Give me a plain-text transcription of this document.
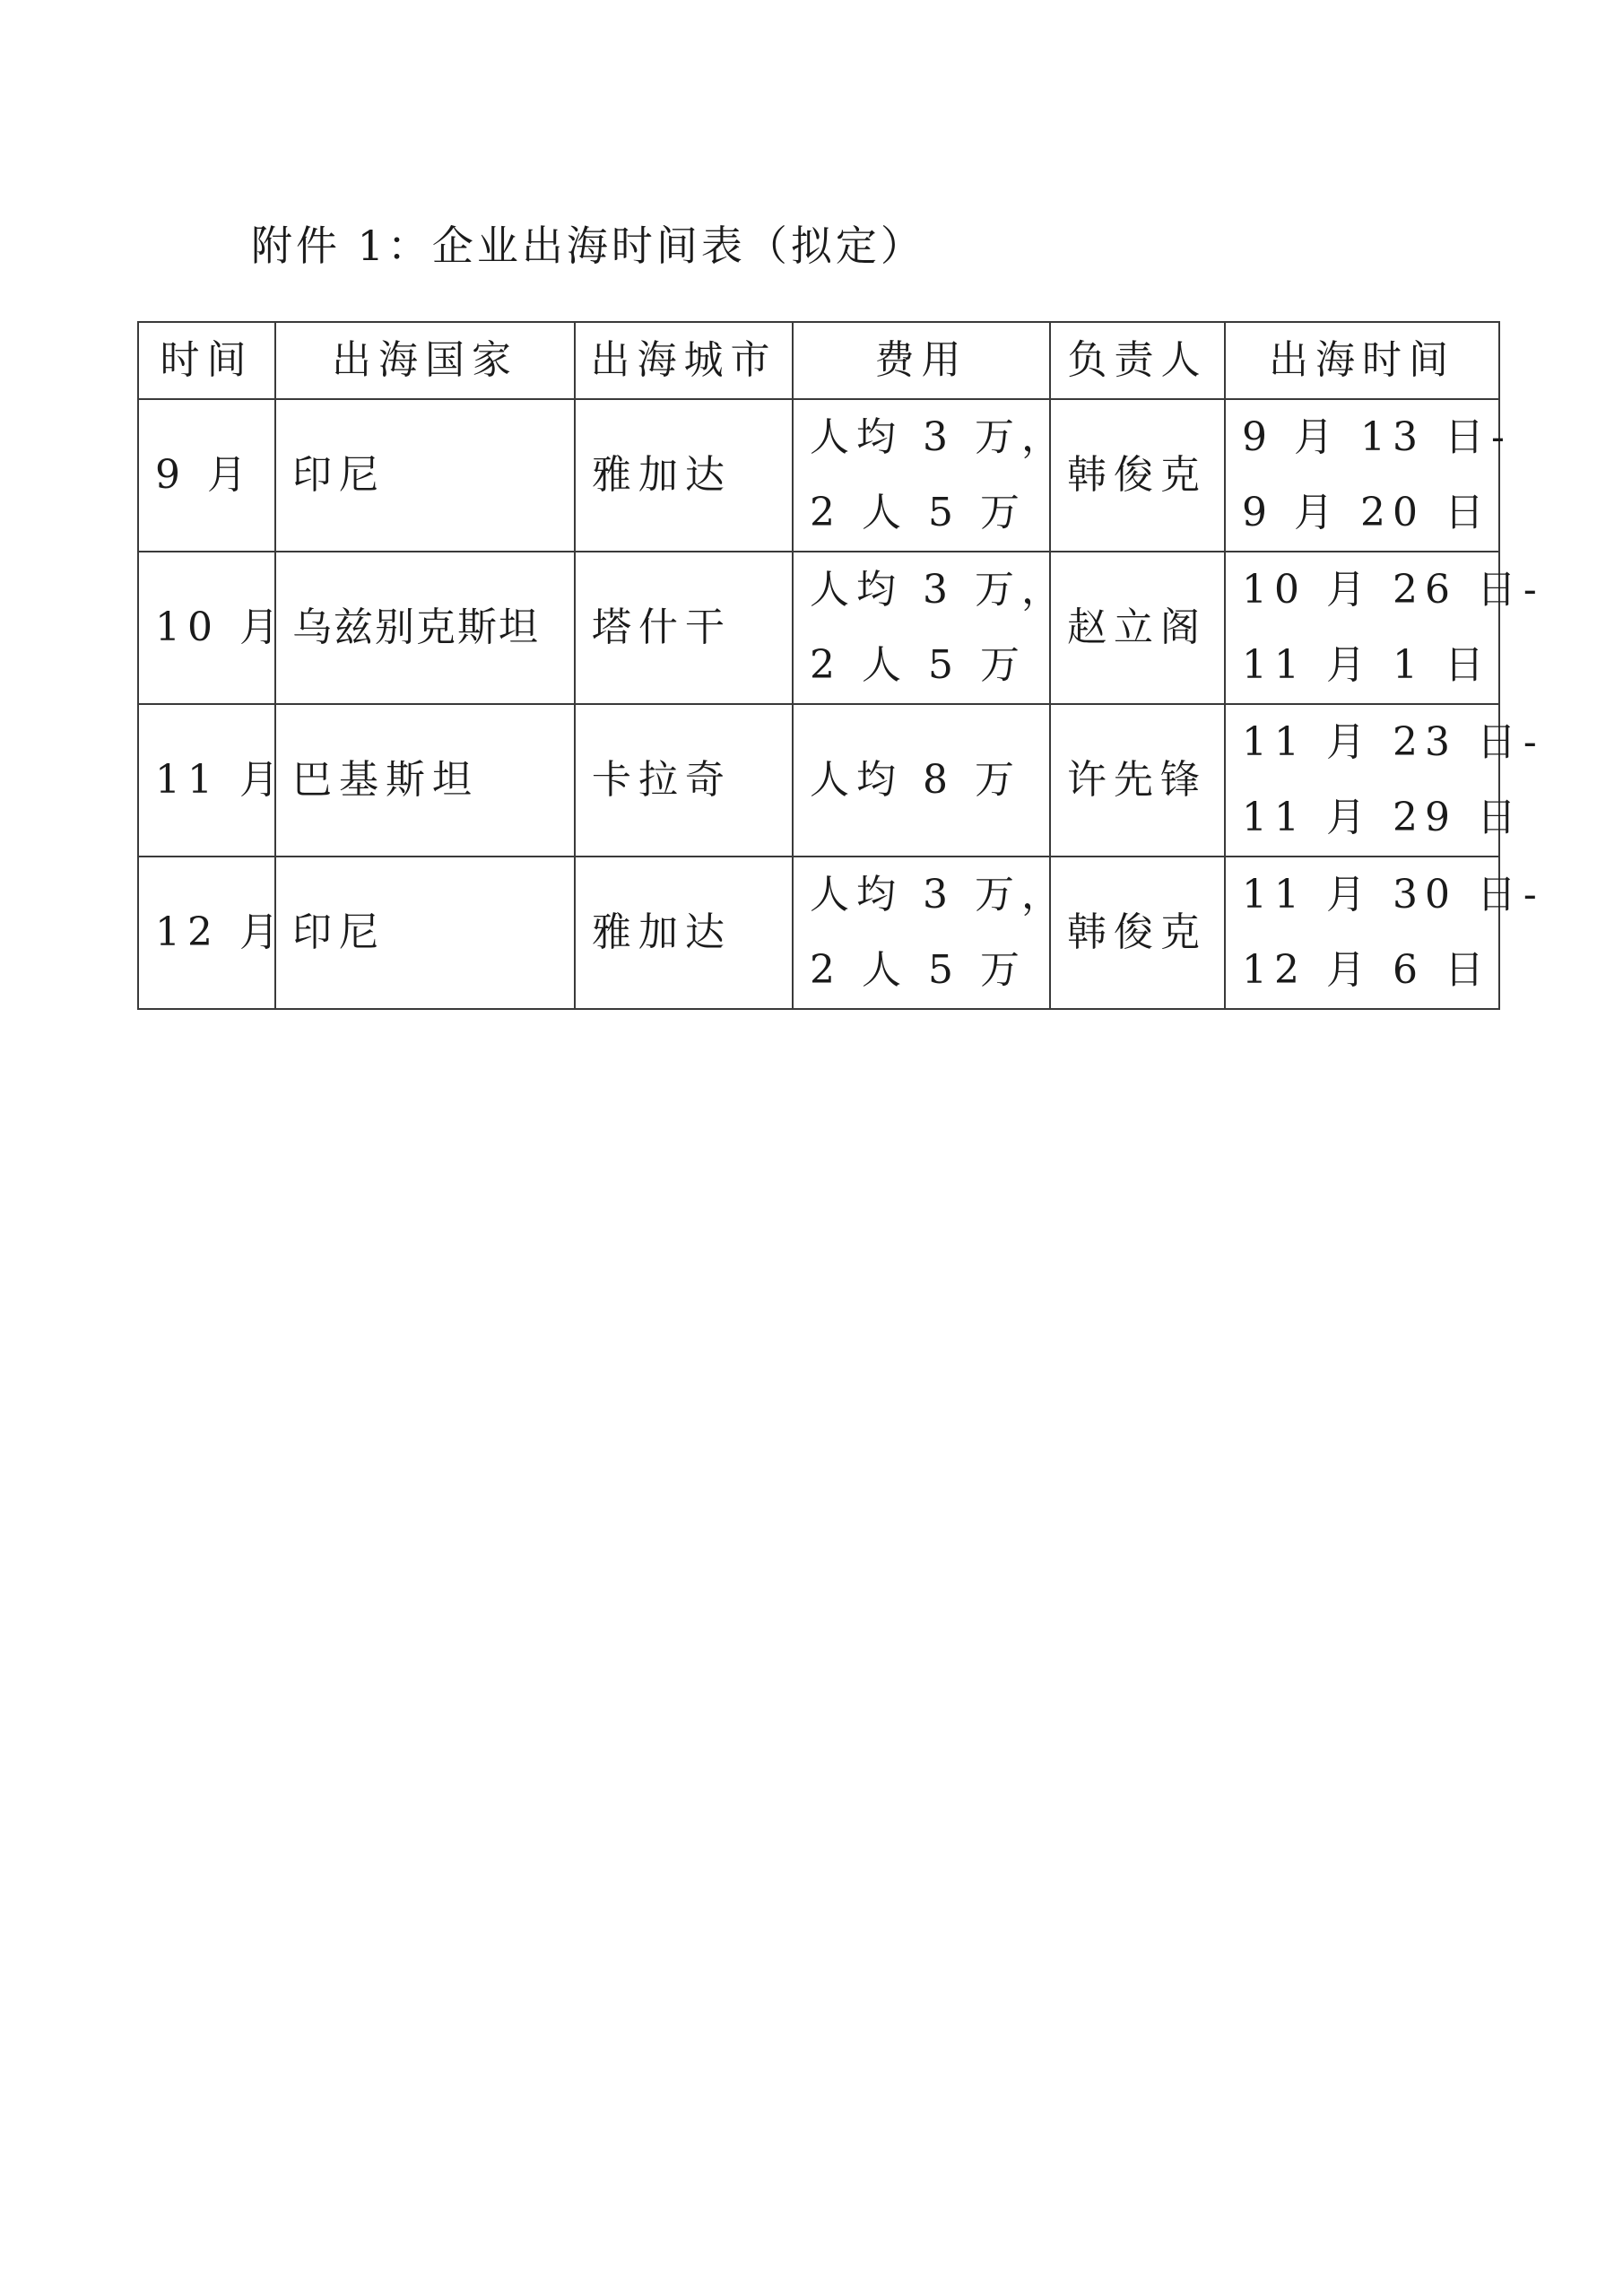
附件 1：企业出海时间表（拟定）
时间	出海国家	出海城市	费用	负责人	出海时间
9 月	印尼	雅加达	人均 3 万，
2 人 5 万	韩俊克	9 月 13 日-
9 月 20 日

10 月	乌兹别克斯坦	塔什干	人均 3 万，
2 人 5 万	赵立阁	10 月 26 日-
11 月 1 日

11 月	巴基斯坦	卡拉奇	人均 8 万	许先锋	11 月 23 日-
11 月 29 日

12 月	印尼	雅加达	人均 3 万，
2 人 5 万	韩俊克	11 月 30 日-
12 月 6 日
